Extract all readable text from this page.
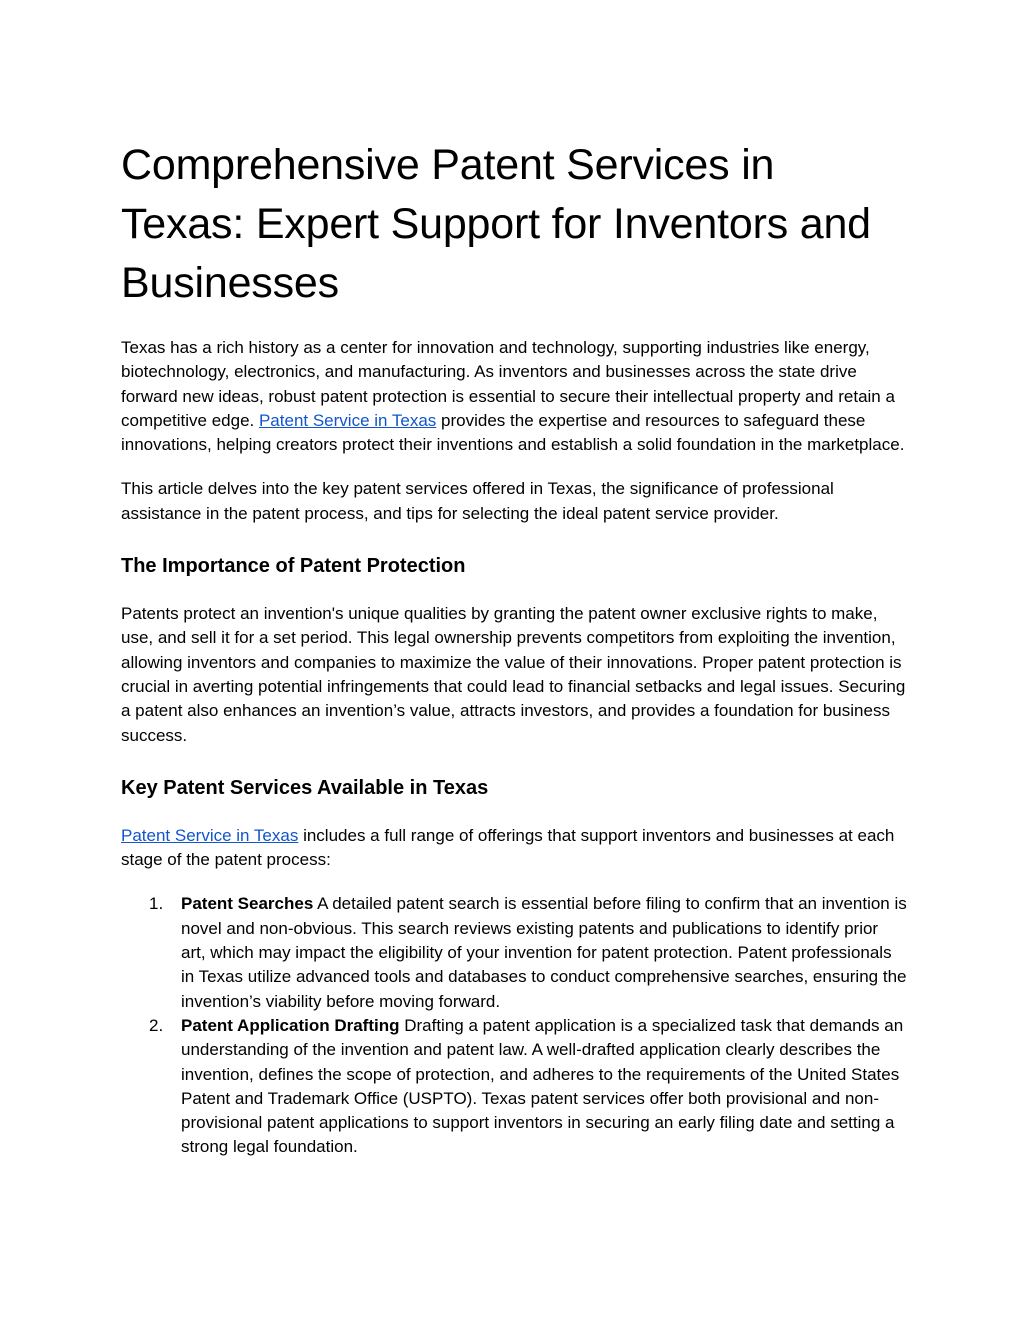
Comprehensive Patent Services in Texas: Expert Support for Inventors and Businesses

Texas has a rich history as a center for innovation and technology, supporting industries like energy, biotechnology, electronics, and manufacturing. As inventors and businesses across the state drive forward new ideas, robust patent protection is essential to secure their intellectual property and retain a competitive edge. Patent Service in Texas provides the expertise and resources to safeguard these innovations, helping creators protect their inventions and establish a solid foundation in the marketplace.

This article delves into the key patent services offered in Texas, the significance of professional assistance in the patent process, and tips for selecting the ideal patent service provider.

The Importance of Patent Protection

Patents protect an invention's unique qualities by granting the patent owner exclusive rights to make, use, and sell it for a set period. This legal ownership prevents competitors from exploiting the invention, allowing inventors and companies to maximize the value of their innovations. Proper patent protection is crucial in averting potential infringements that could lead to financial setbacks and legal issues. Securing a patent also enhances an invention’s value, attracts investors, and provides a foundation for business success.

Key Patent Services Available in Texas

Patent Service in Texas includes a full range of offerings that support inventors and businesses at each stage of the patent process:

1. Patent Searches A detailed patent search is essential before filing to confirm that an invention is novel and non-obvious. This search reviews existing patents and publications to identify prior art, which may impact the eligibility of your invention for patent protection. Patent professionals in Texas utilize advanced tools and databases to conduct comprehensive searches, ensuring the invention’s viability before moving forward.
2. Patent Application Drafting Drafting a patent application is a specialized task that demands an understanding of the invention and patent law. A well-drafted application clearly describes the invention, defines the scope of protection, and adheres to the requirements of the United States Patent and Trademark Office (USPTO). Texas patent services offer both provisional and non-provisional patent applications to support inventors in securing an early filing date and setting a strong legal foundation.
